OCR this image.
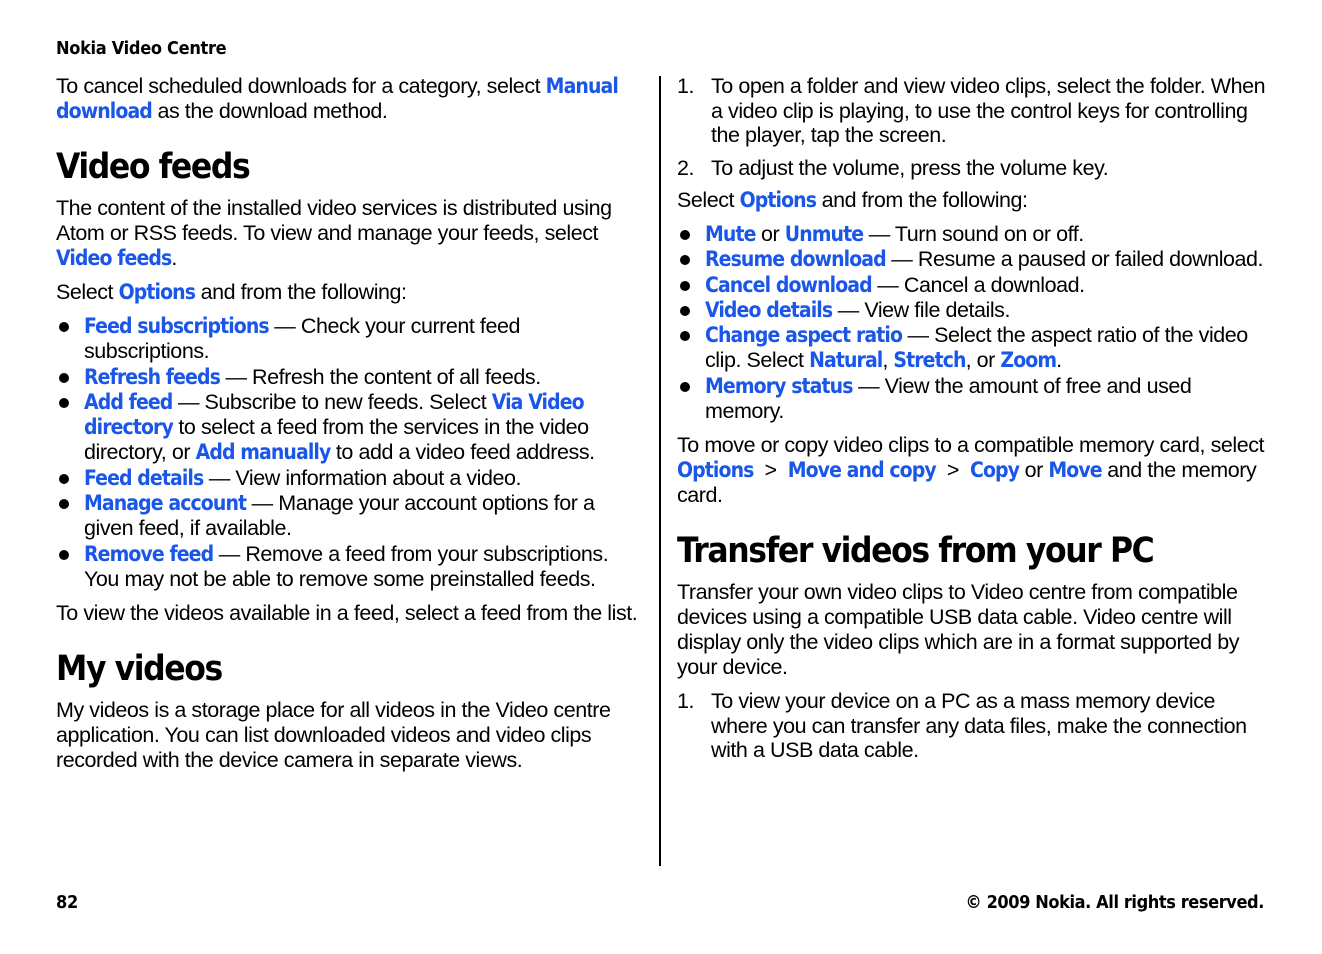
Nokia Video Centre

To cancel scheduled downloads for a category, select Manual download as the download method.

Video feeds

The content of the installed video services is distributed using Atom or RSS feeds. To view and manage your feeds, select Video feeds.

Select Options and from the following:

Feed subscriptions — Check your current feed subscriptions.
Refresh feeds — Refresh the content of all feeds.
Add feed — Subscribe to new feeds. Select Via Video directory to select a feed from the services in the video directory, or Add manually to add a video feed address.
Feed details — View information about a video.
Manage account — Manage your account options for a given feed, if available.
Remove feed — Remove a feed from your subscriptions. You may not be able to remove some preinstalled feeds.

To view the videos available in a feed, select a feed from the list.

My videos

My videos is a storage place for all videos in the Video centre application. You can list downloaded videos and video clips recorded with the device camera in separate views.

1. To open a folder and view video clips, select the folder. When a video clip is playing, to use the control keys for controlling the player, tap the screen.
2. To adjust the volume, press the volume key.

Select Options and from the following:

Mute or Unmute — Turn sound on or off.
Resume download — Resume a paused or failed download.
Cancel download — Cancel a download.
Video details — View file details.
Change aspect ratio — Select the aspect ratio of the video clip. Select Natural, Stretch, or Zoom.
Memory status — View the amount of free and used memory.

To move or copy video clips to a compatible memory card, select Options  >  Move and copy  >  Copy or Move and the memory card.

Transfer videos from your PC

Transfer your own video clips to Video centre from compatible devices using a compatible USB data cable. Video centre will display only the video clips which are in a format supported by your device.

1. To view your device on a PC as a mass memory device where you can transfer any data files, make the connection with a USB data cable.
82	© 2009 Nokia. All rights reserved.
